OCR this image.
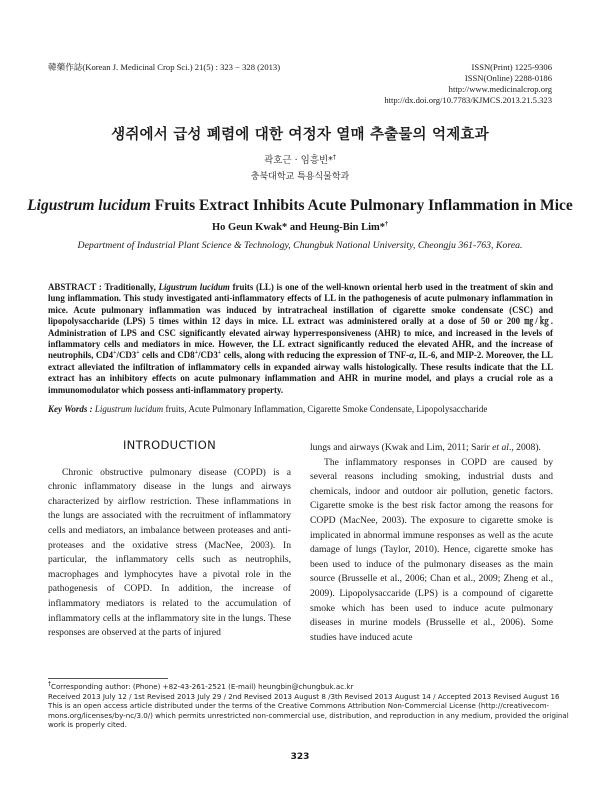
韓藥作誌(Korean J. Medicinal Crop Sci.) 21(5) : 323 − 328 (2013)	ISSN(Print) 1225-9306
ISSN(Online) 2288-0186
http://www.medicinalcrop.org
http://dx.doi.org/10.7783/KJMCS.2013.21.5.323
생쥐에서 급성 폐렴에 대한 여정자 열매 추출물의 억제효과
곽호근 · 임흥빈*†
충북대학교 특용식물학과
Ligustrum lucidum Fruits Extract Inhibits Acute Pulmonary Inflammation in Mice
Ho Geun Kwak* and Heung-Bin Lim*†
Department of Industrial Plant Science & Technology, Chungbuk National University, Cheongju 361-763, Korea.
ABSTRACT : Traditionally, Ligustrum lucidum fruits (LL) is one of the well-known oriental herb used in the treatment of skin and lung inflammation. This study investigated anti-inflammatory effects of LL in the pathogenesis of acute pulmonary inflammation in mice. Acute pulmonary inflammation was induced by intratracheal instillation of cigarette smoke condensate (CSC) and lipopolysaccharide (LPS) 5 times within 12 days in mice. LL extract was administered orally at a dose of 50 or 200 ㎎/㎏. Administration of LPS and CSC significantly elevated airway hyperresponsiveness (AHR) to mice, and increased in the levels of inflammatory cells and mediators in mice. However, the LL extract significantly reduced the elevated AHR, and the increase of neutrophils, CD4+/CD3+ cells and CD8+/CD3+ cells, along with reducing the expression of TNF-α, IL-6, and MIP-2. Moreover, the LL extract alleviated the infiltration of inflammatory cells in expanded airway walls histologically. These results indicate that the LL extract has an inhibitory effects on acute pulmonary inflammation and AHR in murine model, and plays a crucial role as a immunomodulator which possess anti-inflammatory property.
Key Words : Ligustrum lucidum fruits, Acute Pulmonary Inflammation, Cigarette Smoke Condensate, Lipopolysaccharide
INTRODUCTION

Chronic obstructive pulmonary disease (COPD) is a chronic inflammatory disease in the lungs and airways characterized by airflow restriction. These inflammations in the lungs are associated with the recruitment of inflammatory cells and mediators, an imbalance between proteases and anti-proteases and the oxidative stress (MacNee, 2003). In particular, the inflammatory cells such as neutrophils, macrophages and lymphocytes have a pivotal role in the pathogenesis of COPD. In addition, the increase of inflammatory mediators is related to the accumulation of inflammatory cells at the inflammatory site in the lungs. These responses are observed at the parts of injured

lungs and airways (Kwak and Lim, 2011; Sarir et al., 2008).

The inflammatory responses in COPD are caused by several reasons including smoking, industrial dusts and chemicals, indoor and outdoor air pollution, genetic factors. Cigarette smoke is the best risk factor among the reasons for COPD (MacNee, 2003). The exposure to cigarette smoke is implicated in abnormal immune responses as well as the acute damage of lungs (Taylor, 2010). Hence, cigarette smoke has been used to induce of the pulmonary diseases as the main source (Brusselle et al., 2006; Chan et al., 2009; Zheng et al., 2009). Lipopolysaccaride (LPS) is a compound of cigarette smoke which has been used to induce acute pulmonary diseases in murine models (Brusselle et al., 2006). Some studies have induced acute

†Corresponding author: (Phone) +82-43-261-2521 (E-mail) heungbin@chungbuk.ac.kr
Received 2013 July 12 / 1st Revised 2013 July 29 / 2nd Revised 2013 August 8 /3th Revised 2013 August 14 / Accepted 2013 Revised August 16
This is an open access article distributed under the terms of the Creative Commons Attribution Non-Commercial License (http://creativecom-
mons.org/licenses/by-nc/3.0/) which permits unrestricted non-commercial use, distribution, and reproduction in any medium, provided the original
work is properly cited.
323
